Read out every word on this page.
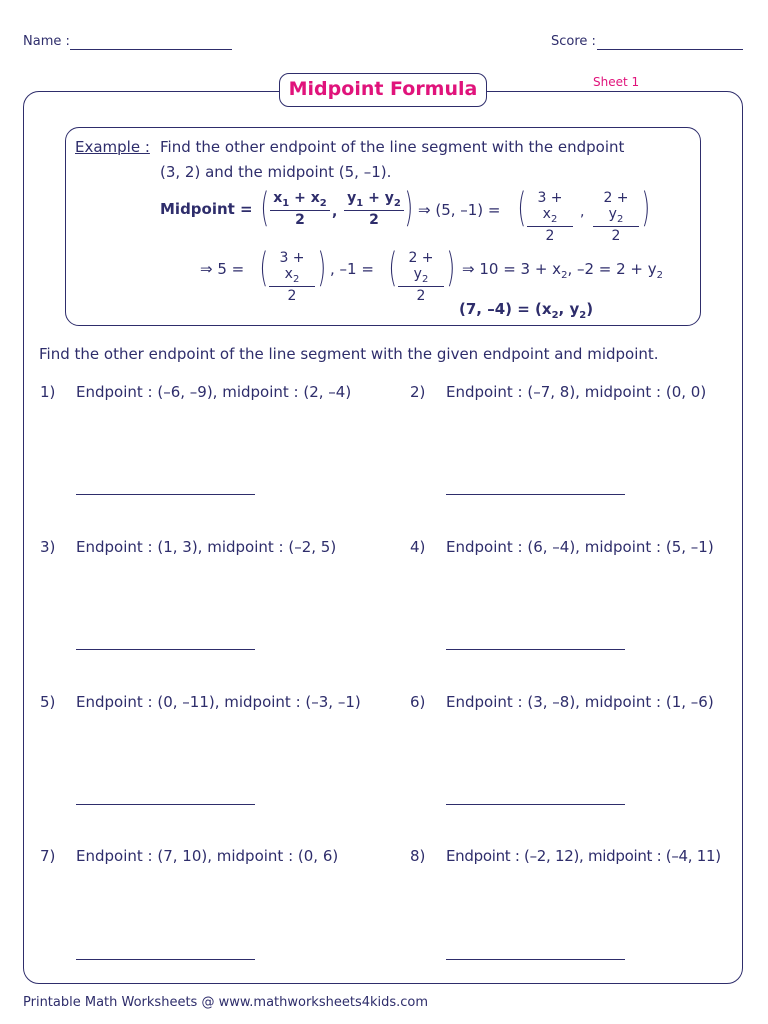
Name :	Score :
Midpoint Formula	Sheet 1
Example : Find the other endpoint of the line segment with the endpoint
(3, 2) and the midpoint (5, –1).
Midpoint = ( $\frac{x_1 + x_2}{2}$ , $\frac{y_1 + y_2}{2}$ ) ⇒ (5, –1) = ( $\frac{3 + x_2}{2}$ , $\frac{2 + y_2}{2}$ )
⇒ 5 = ( $\frac{3 + x_2}{2}$ ) , –1 = ( $\frac{2 + y_2}{2}$ ) ⇒ $10 = 3 + x_2$, $-2 = 2 + y_2$
(7, $-4) = (x_2$, $y_2$)
Find the other endpoint of the line segment with the given endpoint and midpoint.
1) Endpoint : (–6, –9), midpoint : (2, –4)	2) Endpoint : (–7, 8), midpoint : (0, 0)
3) Endpoint : (1, 3), midpoint : (–2, 5)	4) Endpoint : (6, –4), midpoint : (5, –1)
5) Endpoint : (0, –11), midpoint : (–3, –1)	6) Endpoint : (3, –8), midpoint : (1, –6)
7) Endpoint : (7, 10), midpoint : (0, 6)	8) Endpoint : (–2, 12), midpoint : (–4, 11)
Printable Math Worksheets @ www.mathworksheets4kids.com
